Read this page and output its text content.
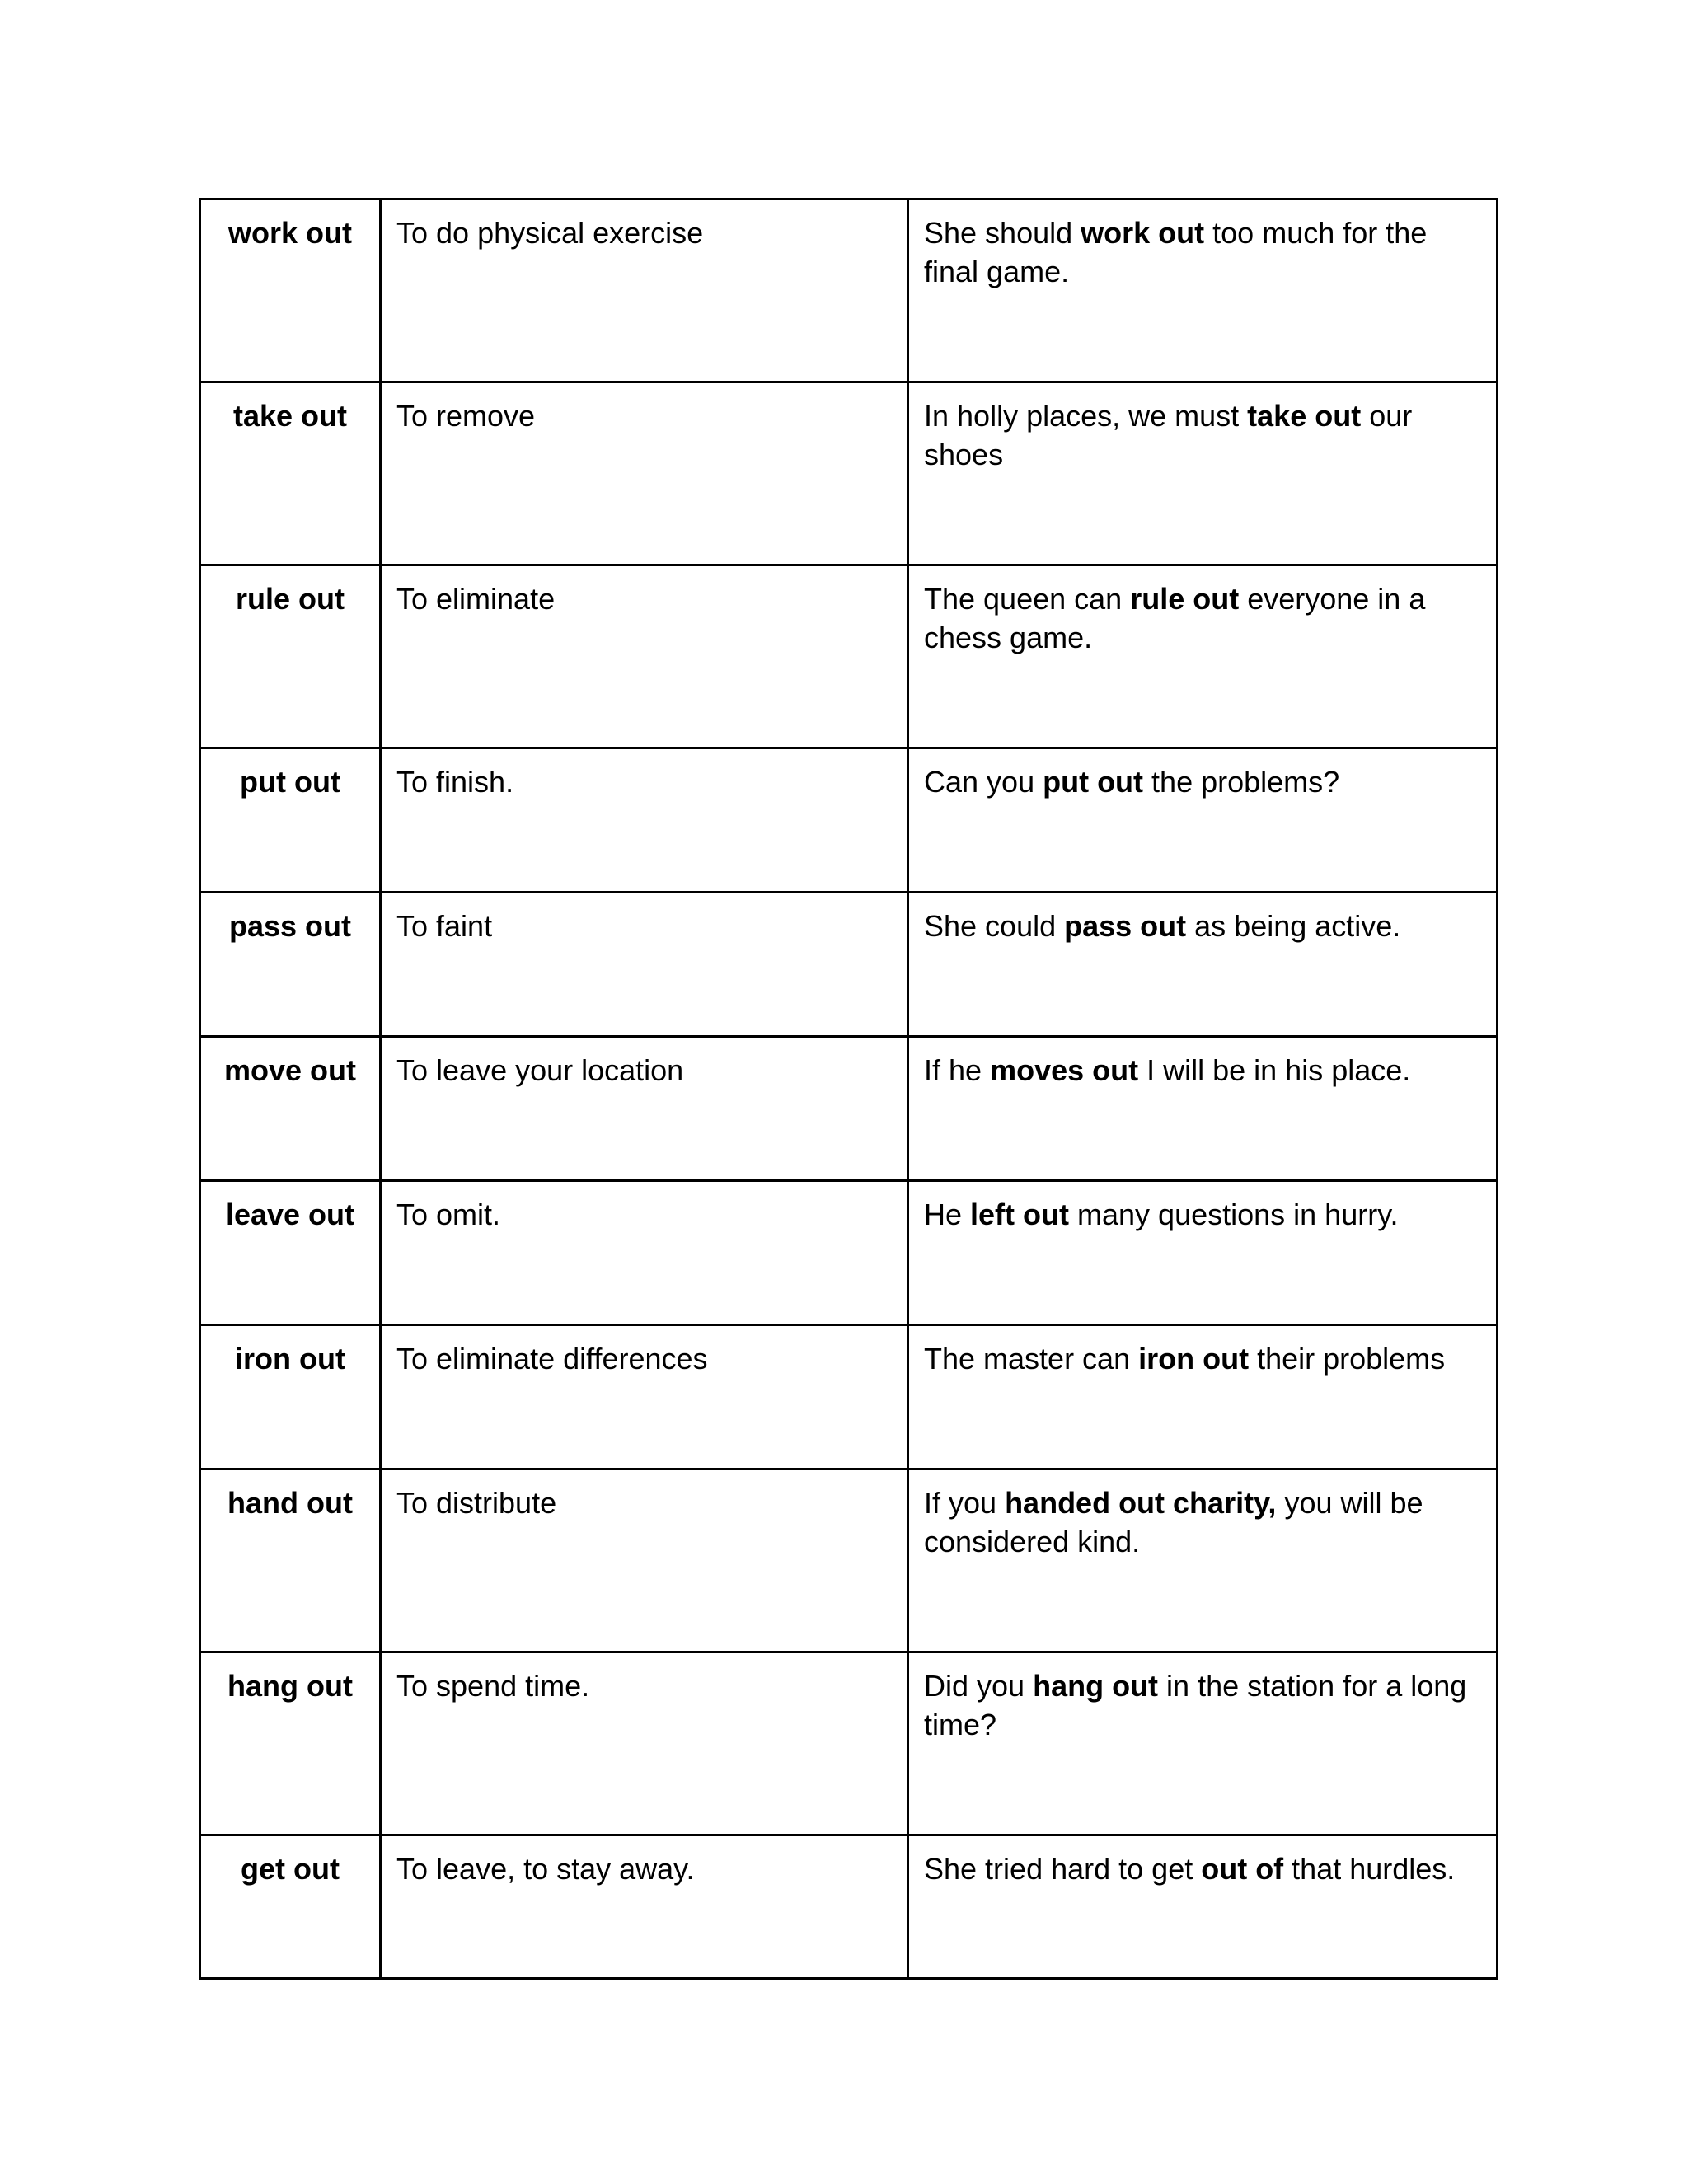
work out	To do physical exercise	She should work out too much for the final game.
take out	To remove	In holly places, we must take out our shoes
rule out	To eliminate	The queen can rule out everyone in a chess game.
put out	To finish.	Can you put out the problems?
pass out	To faint	She could pass out as being active.
move out	To leave your location	If he moves out I will be in his place.
leave out	To omit.	He left out many questions in hurry.
iron out	To eliminate differences	The master can iron out their problems
hand out	To distribute	If you handed out charity, you will be considered kind.
hang out	To spend time.	Did you hang out in the station for a long time?
get out	To leave, to stay away.	She tried hard to get out of that hurdles.
